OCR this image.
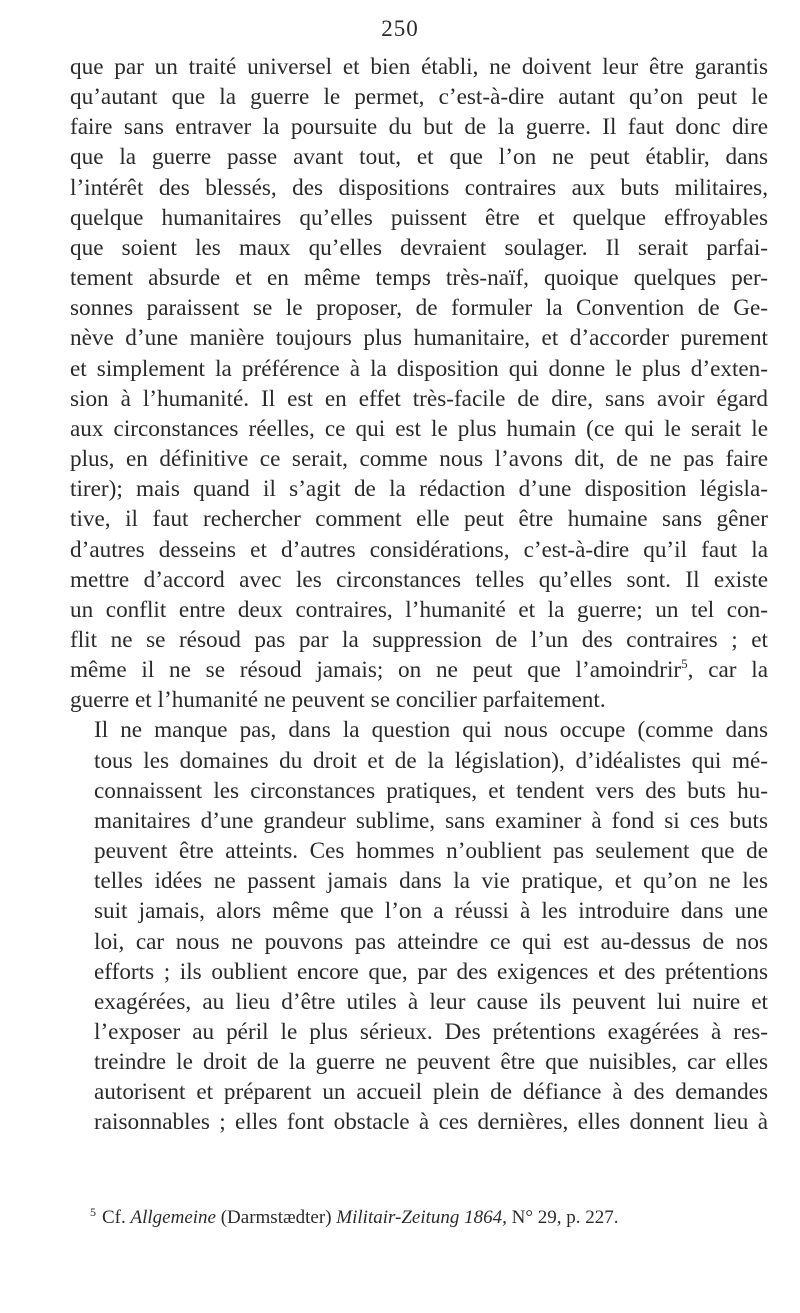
250

que par un traité universel et bien établi, ne doivent leur être garantis
qu’autant que la guerre le permet, c’est-à-dire autant qu’on peut le
faire sans entraver la poursuite du but de la guerre. Il faut donc dire
que la guerre passe avant tout, et que l’on ne peut établir, dans
l’intérêt des blessés, des dispositions contraires aux buts militaires,
quelque humanitaires qu’elles puissent être et quelque effroyables
que soient les maux qu’elles devraient soulager. Il serait parfai-
tement absurde et en même temps très-naïf, quoique quelques per-
sonnes paraissent se le proposer, de formuler la Convention de Ge-
nève d’une manière toujours plus humanitaire, et d’accorder purement
et simplement la préférence à la disposition qui donne le plus d’exten-
sion à l’humanité. Il est en effet très-facile de dire, sans avoir égard
aux circonstances réelles, ce qui est le plus humain (ce qui le serait le
plus, en définitive ce serait, comme nous l’avons dit, de ne pas faire
tirer); mais quand il s’agit de la rédaction d’une disposition législa-
tive, il faut rechercher comment elle peut être humaine sans gêner
d’autres desseins et d’autres considérations, c’est-à-dire qu’il faut la
mettre d’accord avec les circonstances telles qu’elles sont. Il existe
un conflit entre deux contraires, l’humanité et la guerre; un tel con-
flit ne se résoud pas par la suppression de l’un des contraires ; et
même il ne se résoud jamais; on ne peut que l’amoindrir$^5$, car la
guerre et l’humanité ne peuvent se concilier parfaitement.

Il ne manque pas, dans la question qui nous occupe (comme dans
tous les domaines du droit et de la législation), d’idéalistes qui mé-
connaissent les circonstances pratiques, et tendent vers des buts hu-
manitaires d’une grandeur sublime, sans examiner à fond si ces buts
peuvent être atteints. Ces hommes n’oublient pas seulement que de
telles idées ne passent jamais dans la vie pratique, et qu’on ne les
suit jamais, alors même que l’on a réussi à les introduire dans une
loi, car nous ne pouvons pas atteindre ce qui est au-dessus de nos
efforts ; ils oublient encore que, par des exigences et des prétentions
exagérées, au lieu d’être utiles à leur cause ils peuvent lui nuire et
l’exposer au péril le plus sérieux. Des prétentions exagérées à res-
treindre le droit de la guerre ne peuvent être que nuisibles, car elles
autorisent et préparent un accueil plein de défiance à des demandes
raisonnables ; elles font obstacle à ces dernières, elles donnent lieu à

$^5$ Cf. Allgemeine (Darmstædter) Militair-Zeitung 1864, N° 29, p. 227.
